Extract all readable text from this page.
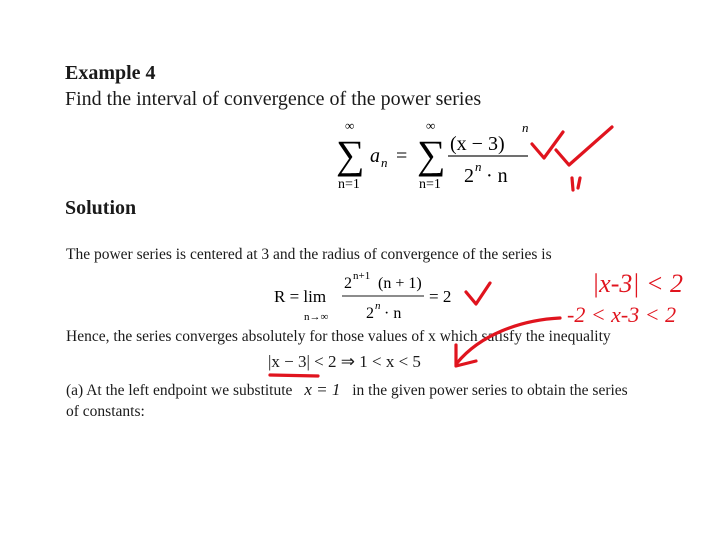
Example 4
Find the interval of convergence of the power series
∞
∑
n=1
a n =
∞
∑
n=1
(x − 3)
n
2 n · n
Solution
The power series is centered at 3 and the radius of convergence of the series is
R = lim
n→∞
2 n+1 (n + 1)
2 n · n
= 2
Hence, the series converges absolutely for those values of x which satisfy the inequality
|x − 3| < 2 ⇒ 1 < x < 5
(a) At the left endpoint we substitute x = 1 in the given power series to obtain the series
of constants:
|x-3| < 2
-2 < x-3 < 2
